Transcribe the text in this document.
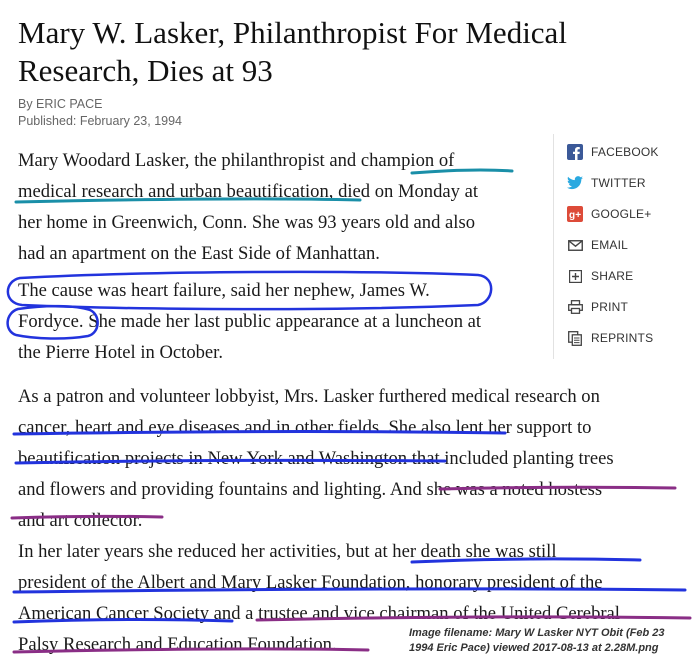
Mary W. Lasker, Philanthropist For Medical
Research, Dies at 93
By ERIC PACE
Published: February 23, 1994

Mary Woodard Lasker, the philanthropist and champion of
medical research and urban beautification, died on Monday at
her home in Greenwich, Conn. She was 93 years old and also
had an apartment on the East Side of Manhattan.

The cause was heart failure, said her nephew, James W.
Fordyce. She made her last public appearance at a luncheon at
the Pierre Hotel in October.

As a patron and volunteer lobbyist, Mrs. Lasker furthered medical research on
cancer, heart and eye diseases and in other fields. She also lent her support to
beautification projects in New York and Washington that included planting trees
and flowers and providing fountains and lighting. And she was a noted hostess
and art collector.

In her later years she reduced her activities, but at her death she was still
president of the Albert and Mary Lasker Foundation, honorary president of the
American Cancer Society and a trustee and vice chairman of the United Cerebral
Palsy Research and Education Foundation.

FACEBOOK
TWITTER
g+ GOOGLE+
EMAIL
SHARE
PRINT
REPRINTS
Image filename: Mary W Lasker NYT Obit (Feb 23
1994 Eric Pace) viewed 2017-08-13 at 2.28M.png
